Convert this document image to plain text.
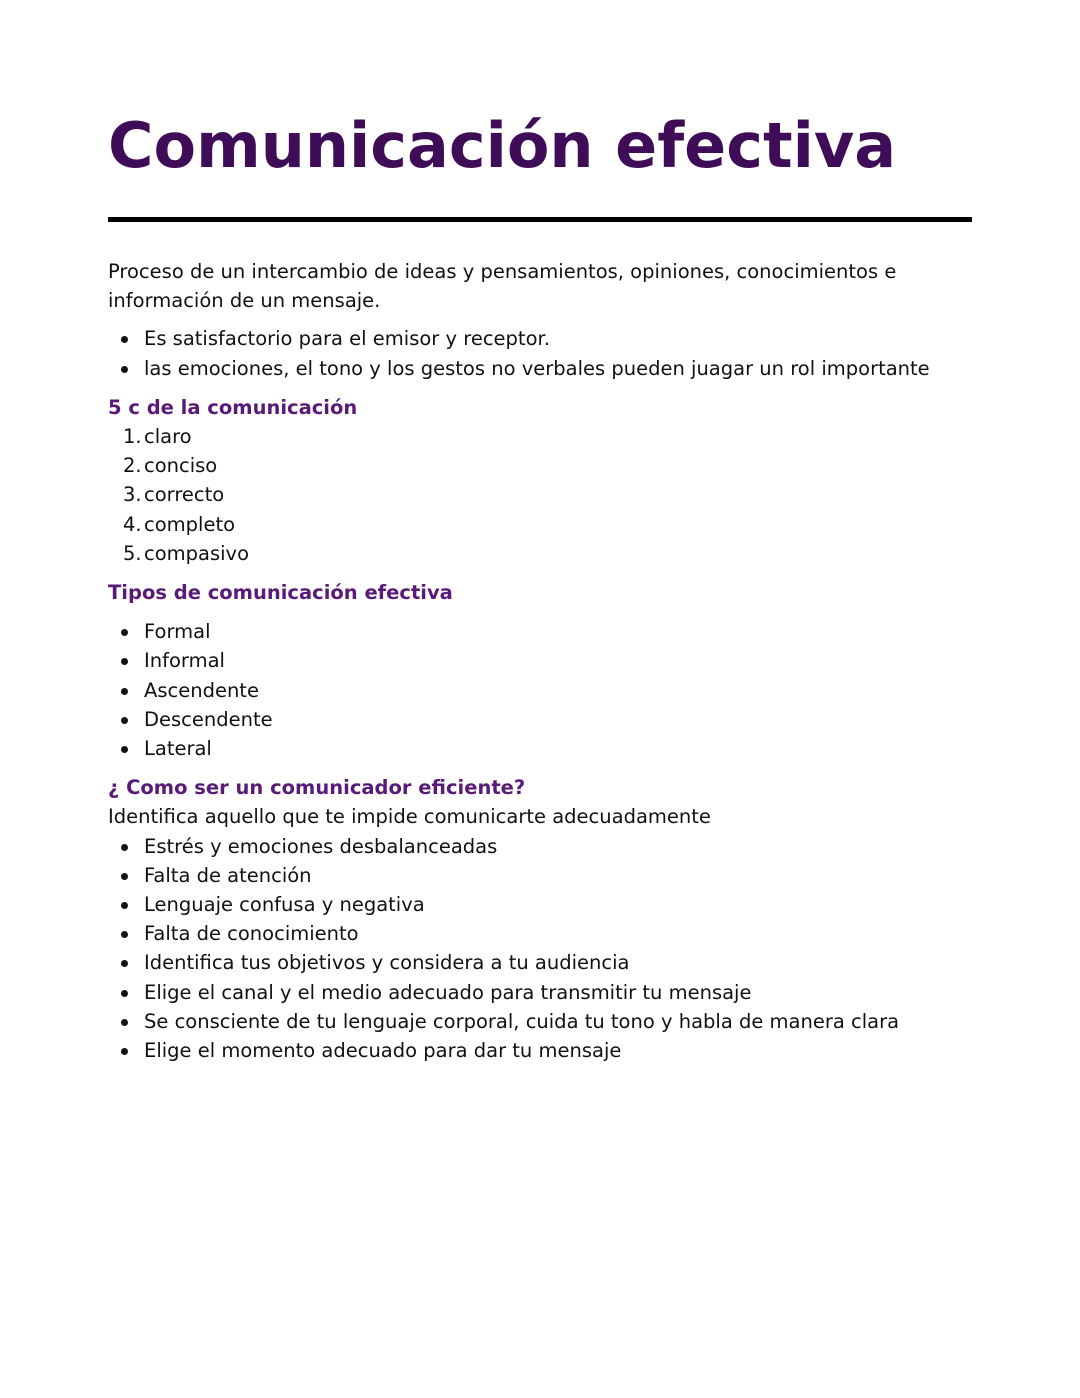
Comunicación efectiva

Proceso de un intercambio de ideas y pensamientos, opiniones, conocimientos e información de un mensaje.

Es satisfactorio para el emisor y receptor.
las emociones, el tono y los gestos no verbales pueden juagar un rol importante
5 c de la comunicación
1. claro
2. conciso
3. correcto
4. completo
5. compasivo
Tipos de comunicación efectiva
Formal
Informal
Ascendente
Descendente
Lateral
¿ Como ser un comunicador eficiente?

Identifica aquello que te impide comunicarte adecuadamente

Estrés y emociones desbalanceadas
Falta de atención
Lenguaje confusa y negativa
Falta de conocimiento
Identifica tus objetivos y considera a tu audiencia
Elige el canal y el medio adecuado para transmitir tu mensaje
Se consciente de tu lenguaje corporal, cuida tu tono y habla de manera clara
Elige el momento adecuado para dar tu mensaje
